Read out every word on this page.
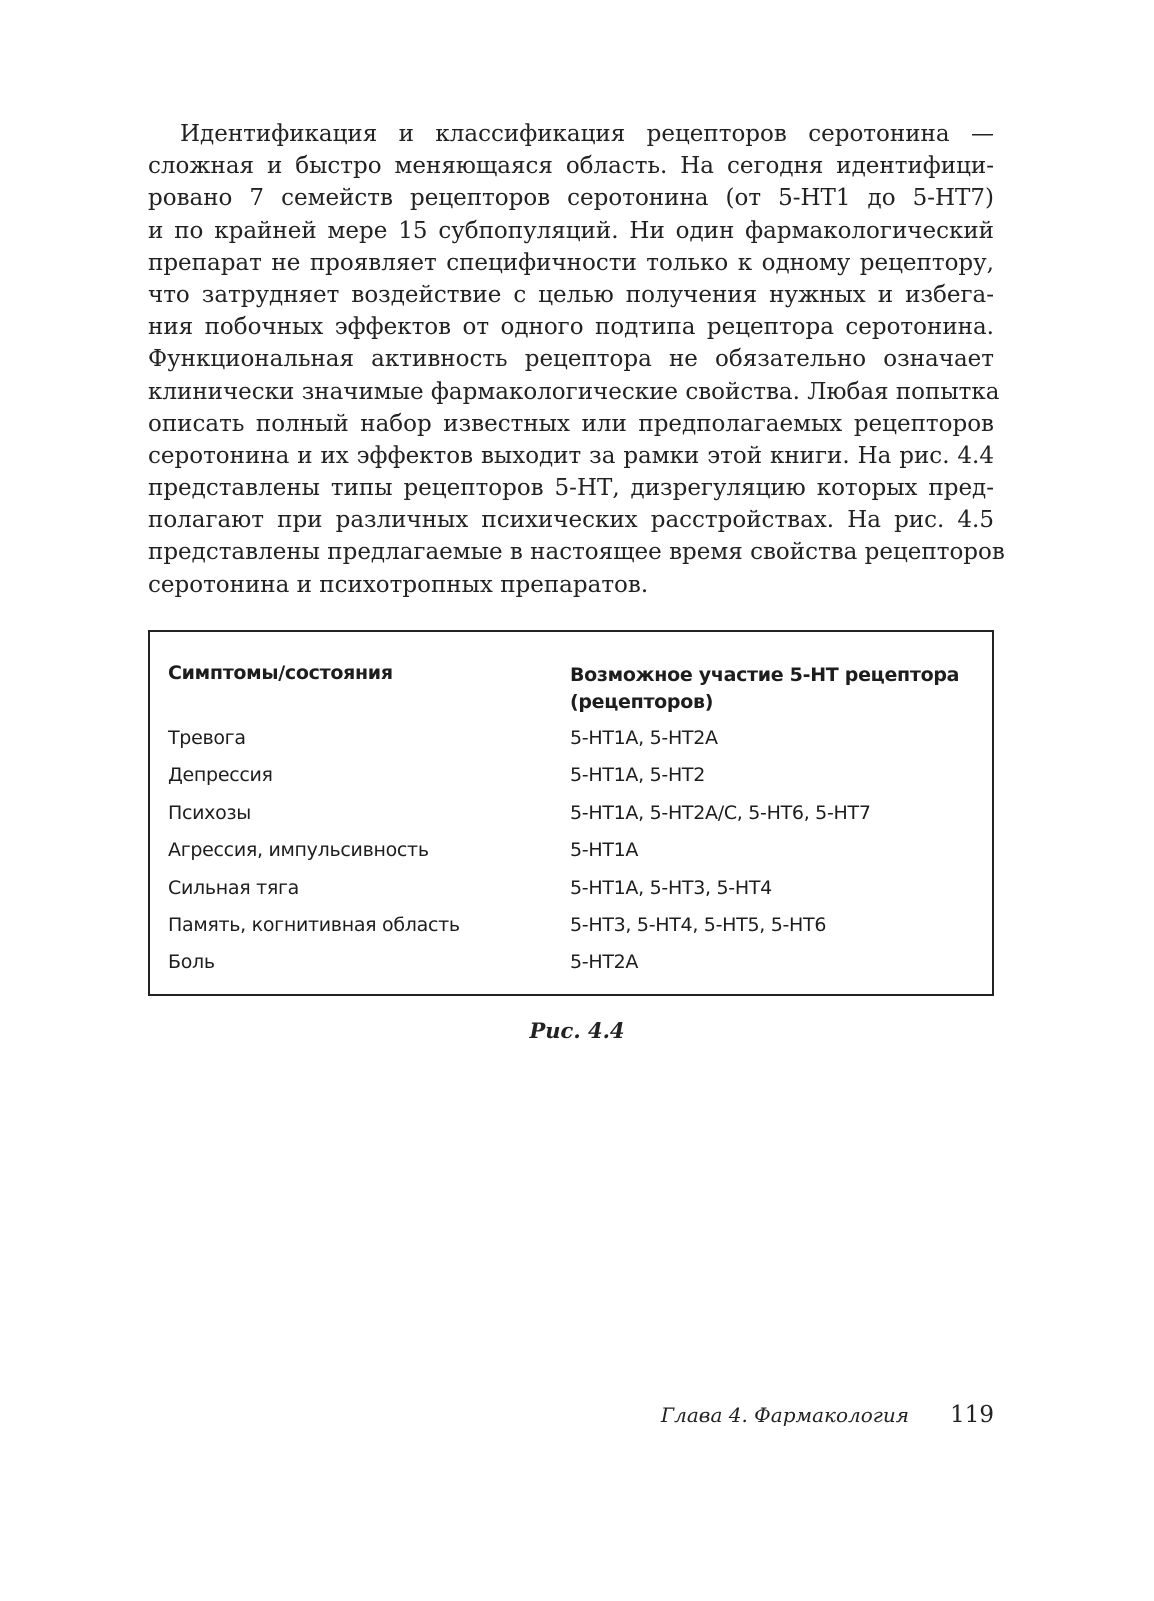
Идентификация и классификация рецепторов серотонина —
сложная и быстро меняющаяся область. На сегодня идентифици-
ровано 7 семейств рецепторов серотонина (от 5-НТ1 до 5-НТ7)
и по крайней мере 15 субпопуляций. Ни один фармакологический
препарат не проявляет специфичности только к одному рецептору,
что затрудняет воздействие с целью получения нужных и избега-
ния побочных эффектов от одного подтипа рецептора серотонина.
Функциональная активность рецептора не обязательно означает
клинически значимые фармакологические свойства. Любая попытка
описать полный набор известных или предполагаемых рецепторов
серотонина и их эффектов выходит за рамки этой книги. На рис. 4.4
представлены типы рецепторов 5-НТ, дизрегуляцию которых пред-
полагают при различных психических расстройствах. На рис. 4.5
представлены предлагаемые в настоящее время свойства рецепторов
серотонина и психотропных препаратов.
Симптомы/состояния	Возможное участие 5-НТ рецептора
(рецепторов)
Тревога	5-HT1A, 5-HT2A
Депрессия	5-HT1A, 5-HT2
Психозы	5-HT1A, 5-HT2A/C, 5-HT6, 5-HT7
Агрессия, импульсивность	5-HT1A
Сильная тяга	5-HT1A, 5-HT3, 5-HT4
Память, когнитивная область	5-HT3, 5-HT4, 5-HT5, 5-HT6
Боль	5-HT2A
Рис. 4.4
Глава 4. Фармакология 119
